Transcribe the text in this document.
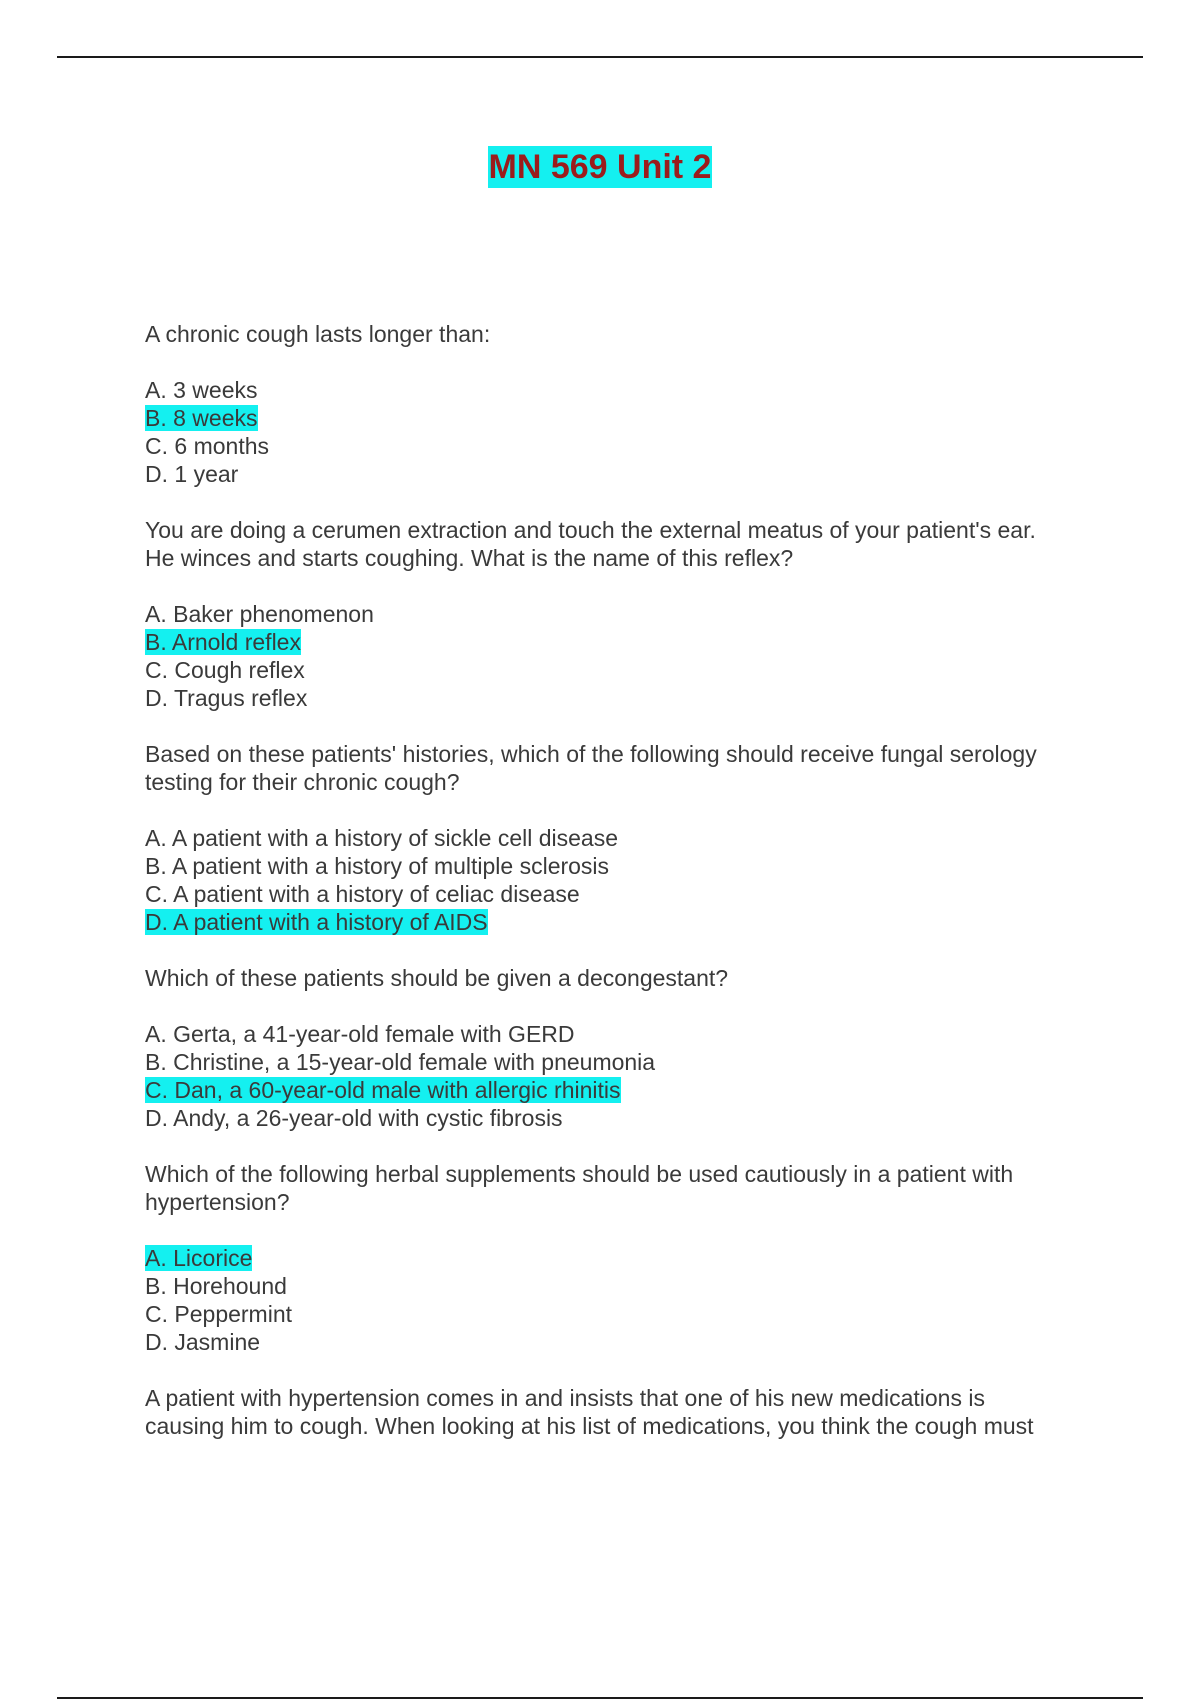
MN 569 Unit 2
A chronic cough lasts longer than:
A. 3 weeks
B. 8 weeks
C. 6 months
D. 1 year
You are doing a cerumen extraction and touch the external meatus of your patient's ear.
He winces and starts coughing. What is the name of this reflex?
A. Baker phenomenon
B. Arnold reflex
C. Cough reflex
D. Tragus reflex
Based on these patients' histories, which of the following should receive fungal serology
testing for their chronic cough?
A. A patient with a history of sickle cell disease
B. A patient with a history of multiple sclerosis
C. A patient with a history of celiac disease
D. A patient with a history of AIDS
Which of these patients should be given a decongestant?
A. Gerta, a 41-year-old female with GERD
B. Christine, a 15-year-old female with pneumonia
C. Dan, a 60-year-old male with allergic rhinitis
D. Andy, a 26-year-old with cystic fibrosis
Which of the following herbal supplements should be used cautiously in a patient with
hypertension?
A. Licorice
B. Horehound
C. Peppermint
D. Jasmine
A patient with hypertension comes in and insists that one of his new medications is
causing him to cough. When looking at his list of medications, you think the cough must
